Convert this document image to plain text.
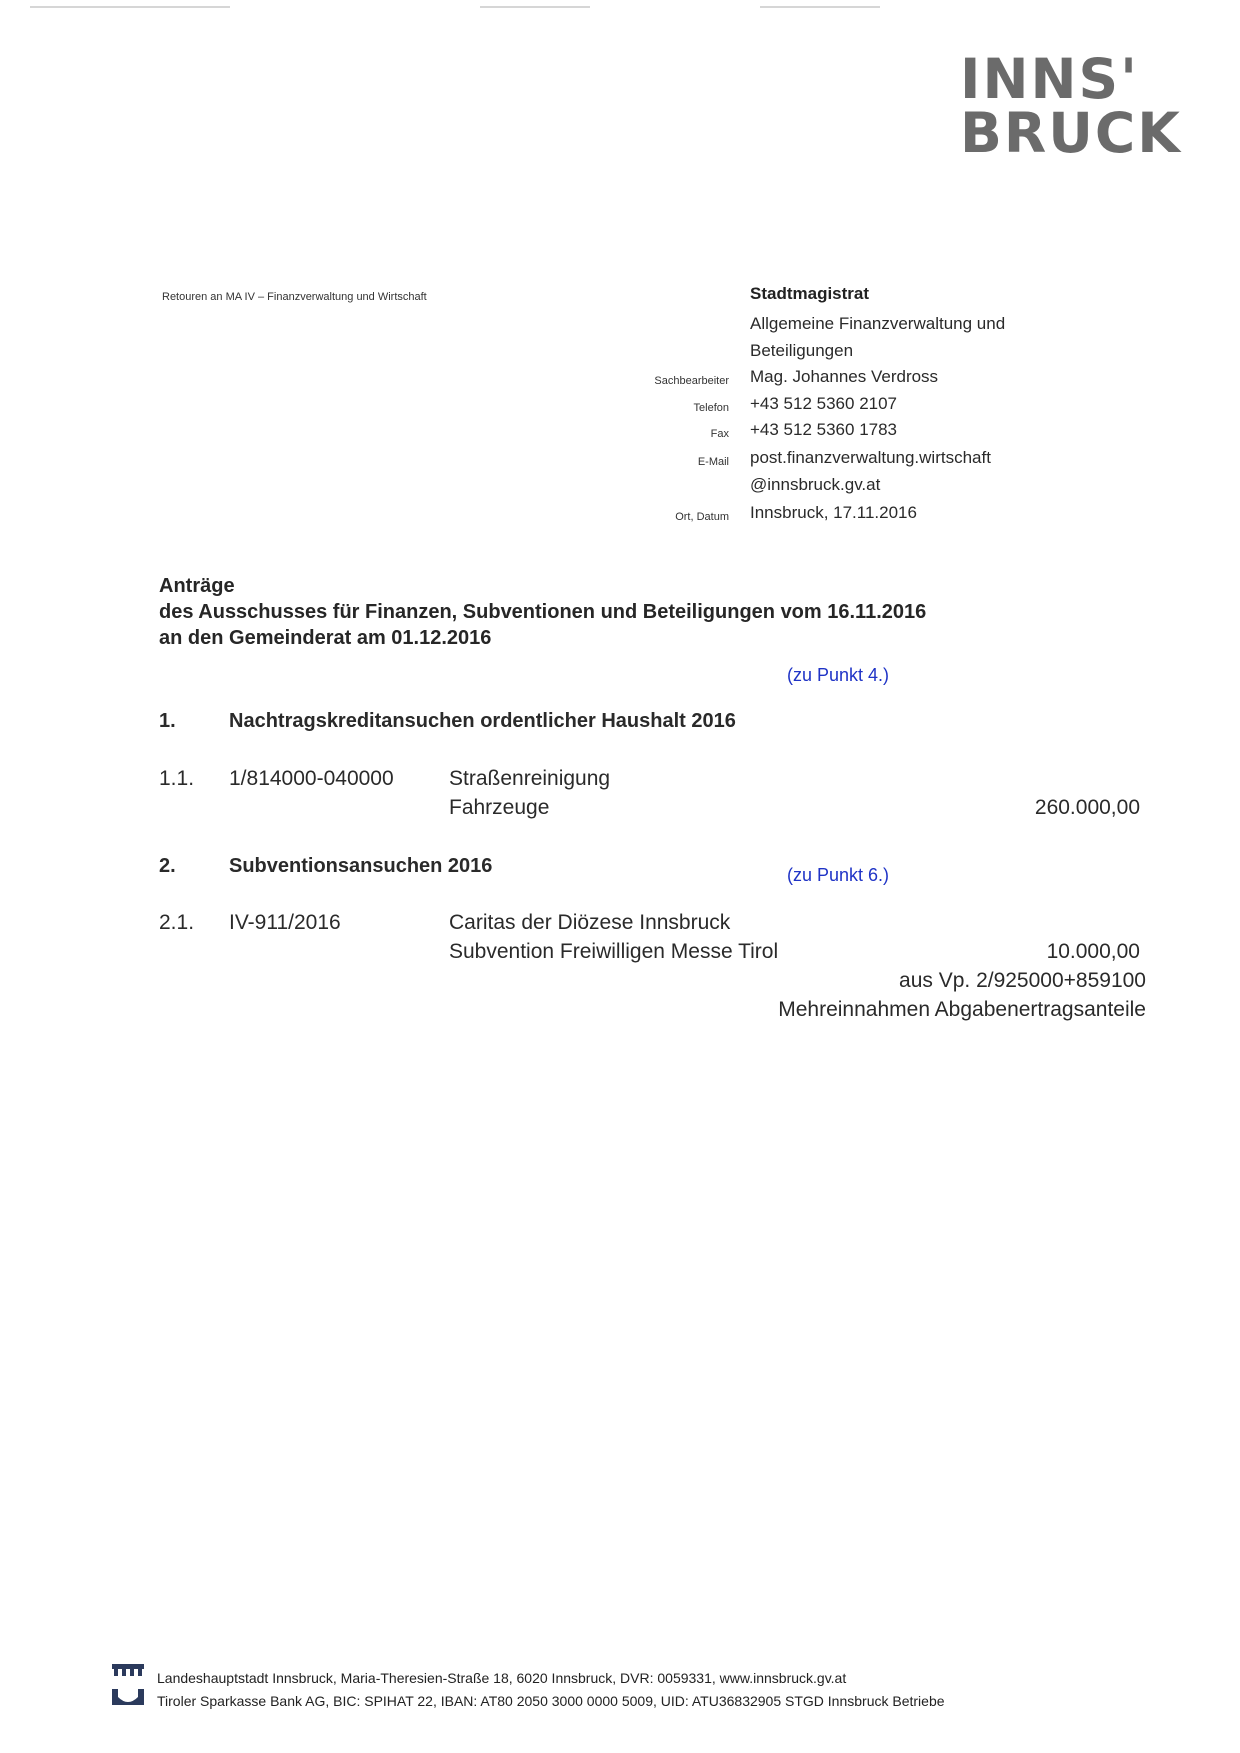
INNS'
BRUCK
Retouren an MA IV – Finanzverwaltung und Wirtschaft	Stadtmagistrat
Allgemeine Finanzverwaltung und
Beteiligungen
Sachbearbeiter Mag. Johannes Verdross
Telefon +43 512 5360 2107
Fax +43 512 5360 1783
E-Mail post.finanzverwaltung.wirtschaft
@innsbruck.gv.at
Ort, Datum Innsbruck, 17.11.2016
Anträge
des Ausschusses für Finanzen, Subventionen und Beteiligungen vom 16.11.2016
an den Gemeinderat am 01.12.2016
(zu Punkt 4.)
1.	Nachtragskreditansuchen ordentlicher Haushalt 2016
1.1. 1/814000-040000	Straßenreinigung
Fahrzeuge	260.000,00
2.	Subventionsansuchen 2016	(zu Punkt 6.)
2.1. IV-911/2016	Caritas der Diözese Innsbruck
Subvention Freiwilligen Messe Tirol	10.000,00
aus Vp. 2/925000+859100
Mehreinnahmen Abgabenertragsanteile
Landeshauptstadt Innsbruck, Maria-Theresien-Straße 18, 6020 Innsbruck, DVR: 0059331, www.innsbruck.gv.at
Tiroler Sparkasse Bank AG, BIC: SPIHAT 22, IBAN: AT80 2050 3000 0000 5009, UID: ATU36832905 STGD Innsbruck Betriebe
